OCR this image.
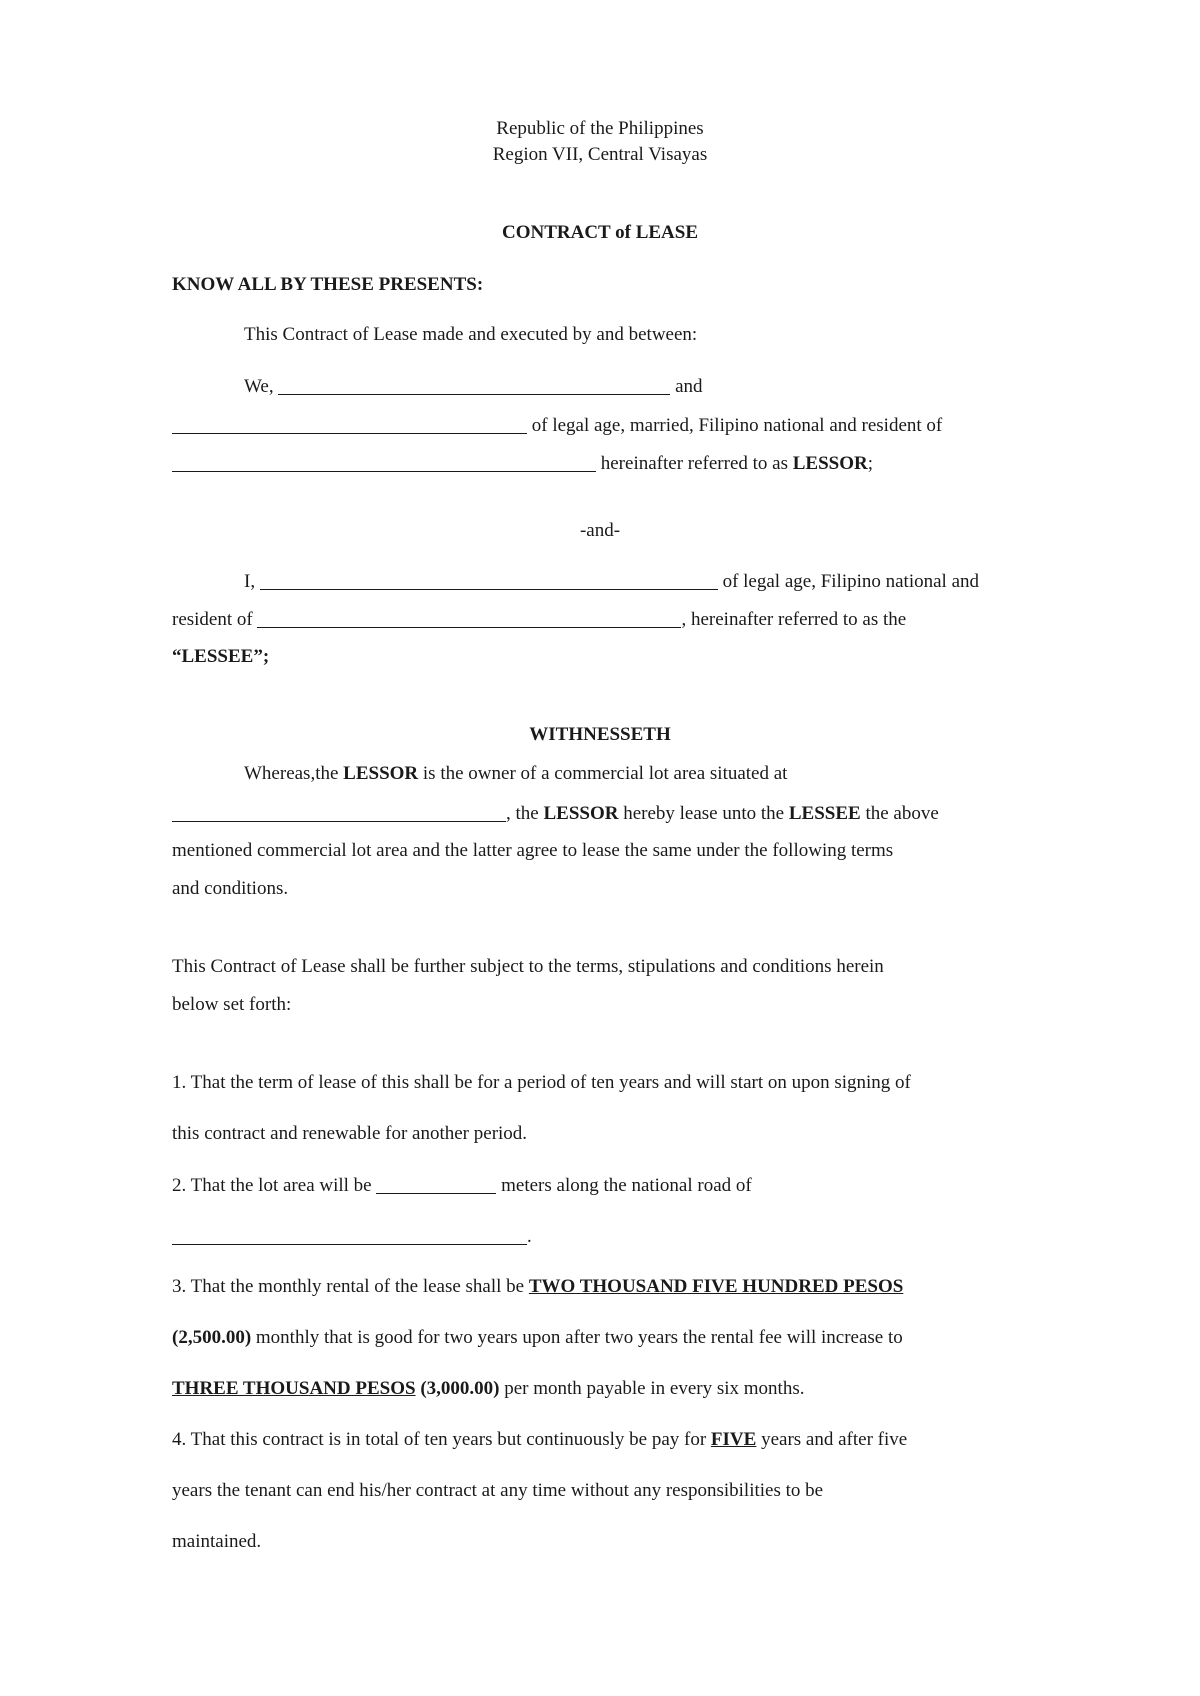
Republic of the Philippines
Region VII, Central Visayas
CONTRACT of LEASE
KNOW ALL BY THESE PRESENTS:
This Contract of Lease made and executed by and between:
We,	and
of legal age, married, Filipino national and resident of
hereinafter referred to as LESSOR;
-and-
I,	of legal age, Filipino national and
resident of	, hereinafter referred to as the
“LESSEE”;
WITHNESSETH
Whereas,the LESSOR is the owner of a commercial lot area situated at
, the LESSOR hereby lease unto the LESSEE the above
mentioned commercial lot area and the latter agree to lease the same under the following terms
and conditions.
This Contract of Lease shall be further subject to the terms, stipulations and conditions herein
below set forth:
1. That the term of lease of this shall be for a period of ten years and will start on upon signing of
this contract and renewable for another period.
2. That the lot area will be	meters along the national road of
.
3. That the monthly rental of the lease shall be TWO THOUSAND FIVE HUNDRED PESOS
(2,500.00) monthly that is good for two years upon after two years the rental fee will increase to
THREE THOUSAND PESOS (3,000.00) per month payable in every six months.
4. That this contract is in total of ten years but continuously be pay for FIVE years and after five
years the tenant can end his/her contract at any time without any responsibilities to be
maintained.
